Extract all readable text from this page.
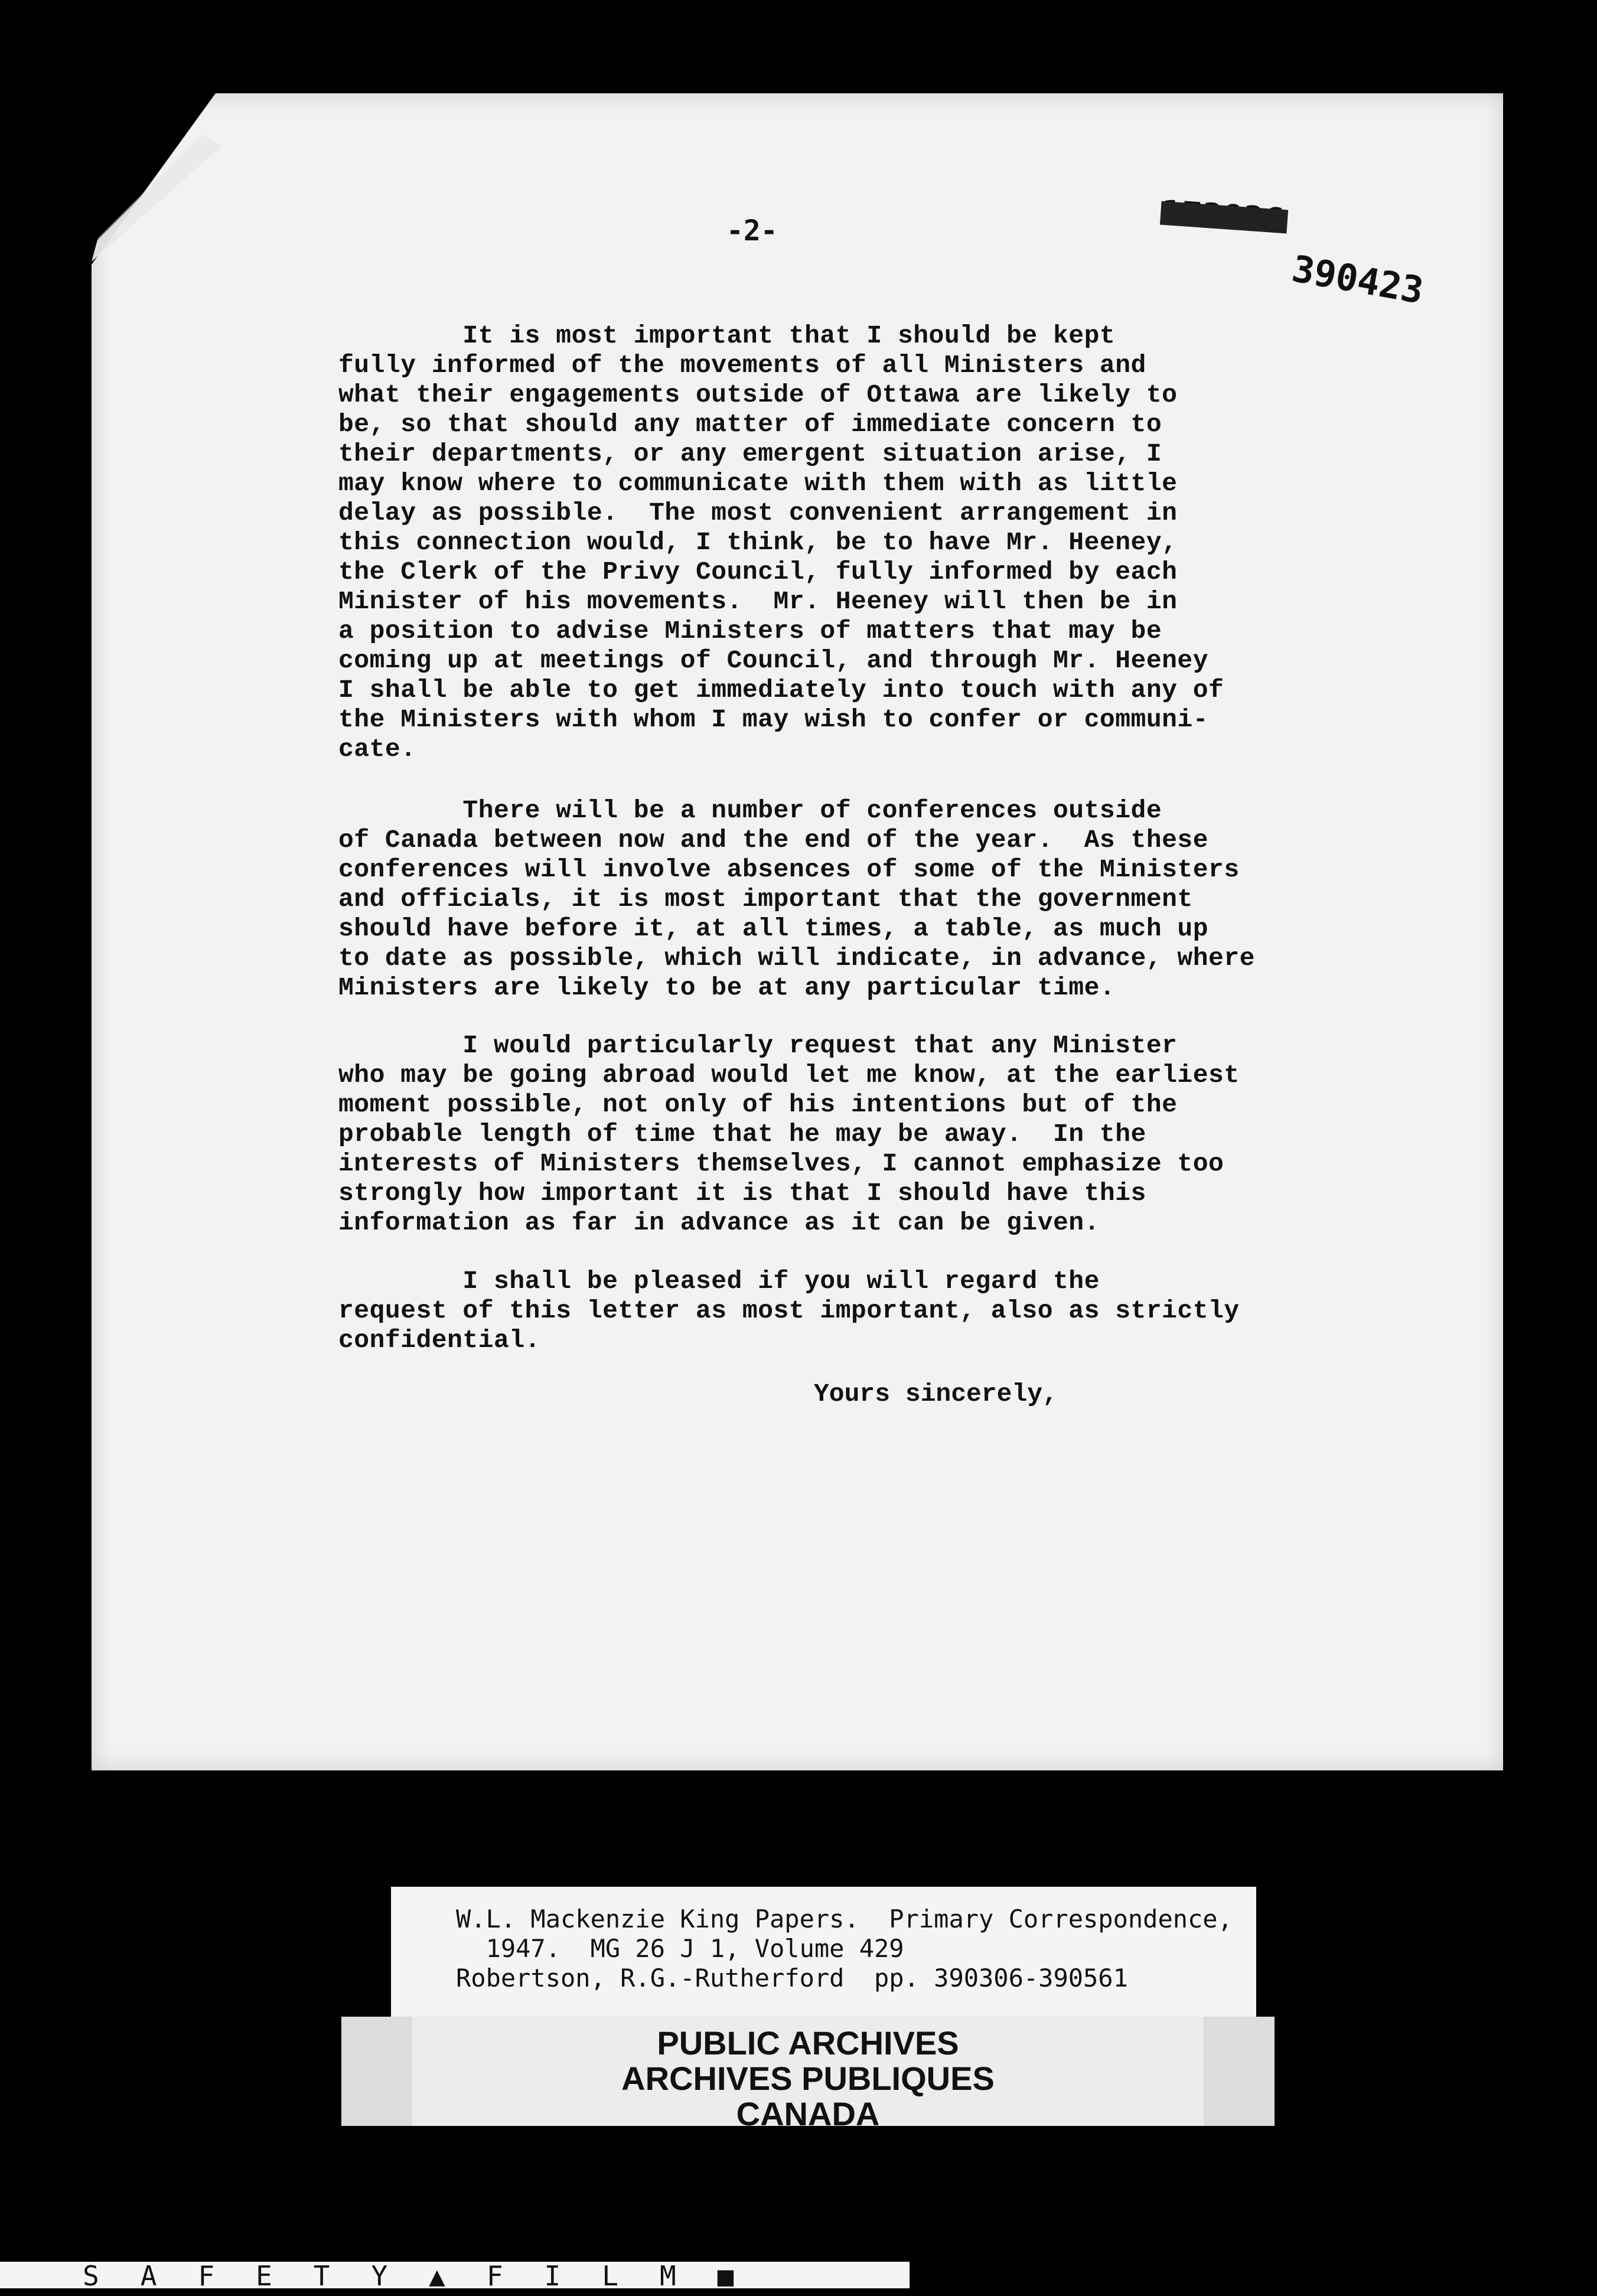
-2-
390423
It is most important that I should be kept
fully informed of the movements of all Ministers and
what their engagements outside of Ottawa are likely to
be, so that should any matter of immediate concern to
their departments, or any emergent situation arise, I
may know where to communicate with them with as little
delay as possible.  The most convenient arrangement in
this connection would, I think, be to have Mr. Heeney,
the Clerk of the Privy Council, fully informed by each
Minister of his movements.  Mr. Heeney will then be in
a position to advise Ministers of matters that may be
coming up at meetings of Council, and through Mr. Heeney
I shall be able to get immediately into touch with any of
the Ministers with whom I may wish to confer or communi-
cate.
There will be a number of conferences outside
of Canada between now and the end of the year.  As these
conferences will involve absences of some of the Ministers
and officials, it is most important that the government
should have before it, at all times, a table, as much up
to date as possible, which will indicate, in advance, where
Ministers are likely to be at any particular time.
I would particularly request that any Minister
who may be going abroad would let me know, at the earliest
moment possible, not only of his intentions but of the
probable length of time that he may be away.  In the
interests of Ministers themselves, I cannot emphasize too
strongly how important it is that I should have this
information as far in advance as it can be given.
I shall be pleased if you will regard the
request of this letter as most important, also as strictly
confidential.
Yours sincerely,
W.L. Mackenzie King Papers.  Primary Correspondence,
1947.  MG 26 J 1, Volume 429
Robertson, R.G.-Rutherford  pp. 390306-390561
PUBLIC ARCHIVES
ARCHIVES PUBLIQUES
CANADA
SAFETY▲FILM■
